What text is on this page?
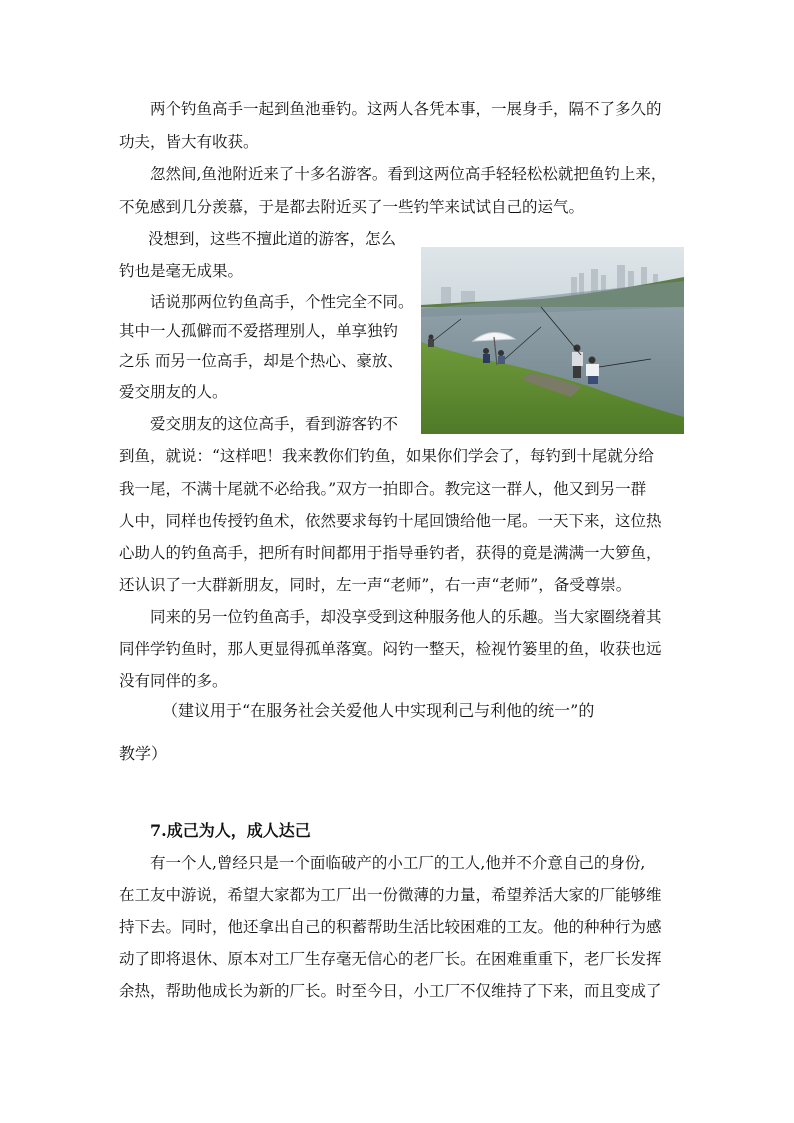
两个钓鱼高手一起到鱼池垂钓。这两人各凭本事，一展身手，隔不了多久的
功夫，皆大有收获。
忽然间,鱼池附近来了十多名游客。看到这两位高手轻轻松松就把鱼钓上来，
不免感到几分羡慕，于是都去附近买了一些钓竿来试试自己的运气。
没想到，这些不擅此道的游客，怎么
钓也是毫无成果。
话说那两位钓鱼高手，个性完全不同。
其中一人孤僻而不爱搭理别人，单享独钓
之乐 而另一位高手，却是个热心、豪放、
爱交朋友的人。
爱交朋友的这位高手，看到游客钓不
到鱼，就说：“这样吧！我来教你们钓鱼，如果你们学会了，每钓到十尾就分给
我一尾，不满十尾就不必给我。”双方一拍即合。教完这一群人，他又到另一群
人中，同样也传授钓鱼术，依然要求每钓十尾回馈给他一尾。一天下来，这位热
心助人的钓鱼高手，把所有时间都用于指导垂钓者，获得的竟是满满一大箩鱼，
还认识了一大群新朋友，同时，左一声“老师”，右一声“老师”，备受尊崇。
同来的另一位钓鱼高手，却没享受到这种服务他人的乐趣。当大家圈绕着其
同伴学钓鱼时，那人更显得孤单落寞。闷钓一整天，检视竹篓里的鱼，收获也远
没有同伴的多。
（建议用于“在服务社会关爱他人中实现利己与利他的统一”的
教学）
7.成己为人，成人达己
有一个人,曾经只是一个面临破产的小工厂的工人,他并不介意自己的身份,
在工友中游说，希望大家都为工厂出一份微薄的力量，希望养活大家的厂能够维
持下去。同时，他还拿出自己的积蓄帮助生活比较困难的工友。他的种种行为感
动了即将退休、原本对工厂生存毫无信心的老厂长。在困难重重下，老厂长发挥
余热，帮助他成长为新的厂长。时至今日，小工厂不仅维持了下来，而且变成了
